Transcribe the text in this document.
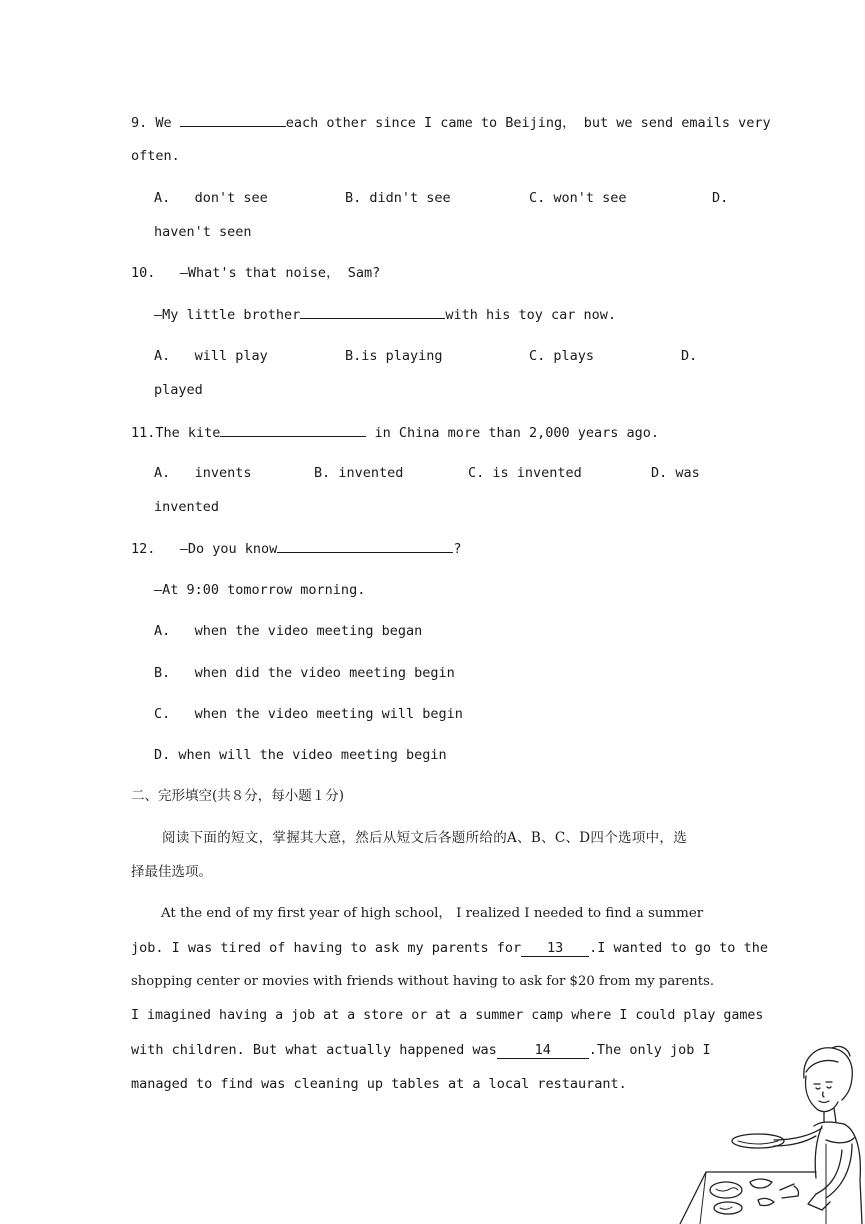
9. We	each other since I came to Beijing， but we send emails very
often.
A.   don't see	B. didn't see	C. won't see	D.
haven't seen
10.   —What's that noise， Sam?
—My little brother	with his toy car now.
A.   will play	B.is playing	C. plays	D.
played
11.The kite	in China more than 2,000 years ago.
A.   invents	B. invented	C. is invented	D. was
invented
12.   —Do you know	?
—At 9:00 tomorrow morning.
A.   when the video meeting began
B.   when did the video meeting begin
C.   when the video meeting will begin
D. when will the video meeting begin
二、完形填空(共８分，每小题１分)
阅读下面的短文，掌握其大意，然后从短文后各题所给的A、B、C、D四个选项中，选
择最佳选项。
At the end of my first year of high school， I realized I needed to find a summer
job. I was tired of having to ask my parents for 13 .I wanted to go to the
shopping center or movies with friends without having to ask for $20 from my parents.
I imagined having a job at a store or at a summer camp where I could play games
with children. But what actually happened was	14	.The only job I
managed to find was cleaning up tables at a local restaurant.
